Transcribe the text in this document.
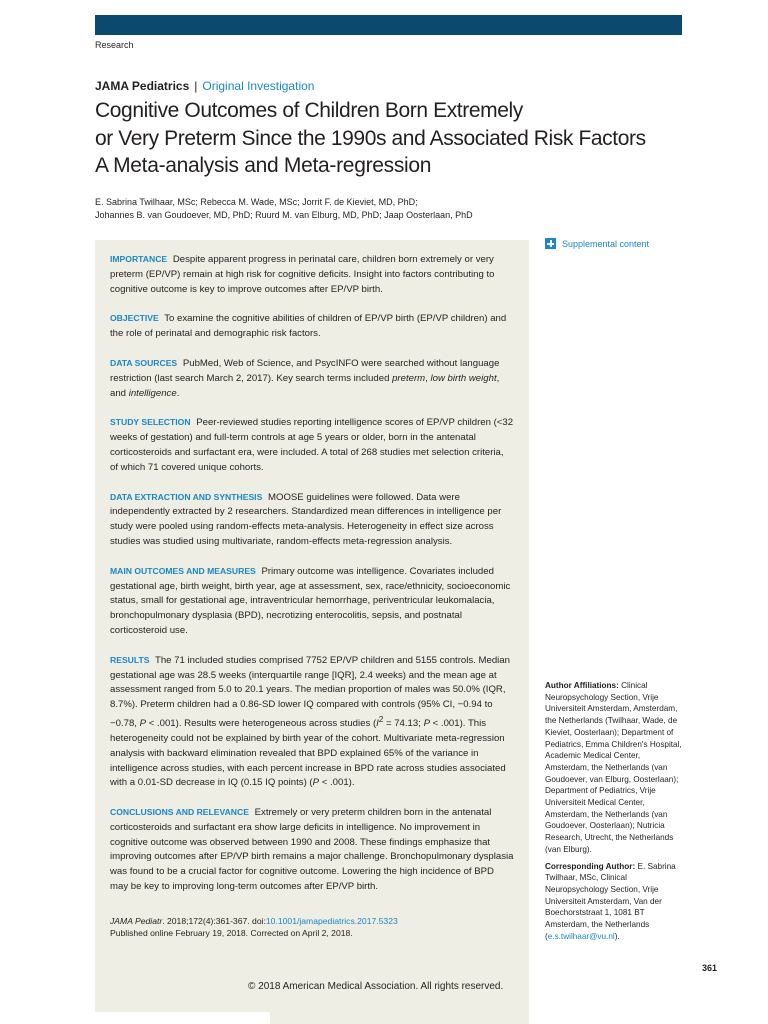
Research
JAMA Pediatrics | Original Investigation
Cognitive Outcomes of Children Born Extremely
or Very Preterm Since the 1990s and Associated Risk Factors
A Meta-analysis and Meta-regression
E. Sabrina Twilhaar, MSc; Rebecca M. Wade, MSc; Jorrit F. de Kieviet, MD, PhD;
Johannes B. van Goudoever, MD, PhD; Ruurd M. van Elburg, MD, PhD; Jaap Oosterlaan, PhD

IMPORTANCE Despite apparent progress in perinatal care, children born extremely or very preterm (EP/VP) remain at high risk for cognitive deficits. Insight into factors contributing to cognitive outcome is key to improve outcomes after EP/VP birth.

OBJECTIVE To examine the cognitive abilities of children of EP/VP birth (EP/VP children) and the role of perinatal and demographic risk factors.

DATA SOURCES PubMed, Web of Science, and PsycINFO were searched without language restriction (last search March 2, 2017). Key search terms included preterm, low birth weight, and intelligence.

STUDY SELECTION Peer-reviewed studies reporting intelligence scores of EP/VP children (<32 weeks of gestation) and full-term controls at age 5 years or older, born in the antenatal corticosteroids and surfactant era, were included. A total of 268 studies met selection criteria, of which 71 covered unique cohorts.

DATA EXTRACTION AND SYNTHESIS MOOSE guidelines were followed. Data were independently extracted by 2 researchers. Standardized mean differences in intelligence per study were pooled using random-effects meta-analysis. Heterogeneity in effect size across studies was studied using multivariate, random-effects meta-regression analysis.

MAIN OUTCOMES AND MEASURES Primary outcome was intelligence. Covariates included gestational age, birth weight, birth year, age at assessment, sex, race/ethnicity, socioeconomic status, small for gestational age, intraventricular hemorrhage, periventricular leukomalacia, bronchopulmonary dysplasia (BPD), necrotizing enterocolitis, sepsis, and postnatal corticosteroid use.

RESULTS The 71 included studies comprised 7752 EP/VP children and 5155 controls. Median gestational age was 28.5 weeks (interquartile range [IQR], 2.4 weeks) and the mean age at assessment ranged from 5.0 to 20.1 years. The median proportion of males was 50.0% (IQR, 8.7%). Preterm children had a 0.86-SD lower IQ compared with controls (95% CI, −0.94 to −0.78, P < .001). Results were heterogeneous across studies ($I^2 = 74.13$; P < .001). This heterogeneity could not be explained by birth year of the cohort. Multivariate meta-regression analysis with backward elimination revealed that BPD explained 65% of the variance in intelligence across studies, with each percent increase in BPD rate across studies associated with a 0.01-SD decrease in IQ (0.15 IQ points) (P < .001).

CONCLUSIONS AND RELEVANCE Extremely or very preterm children born in the antenatal corticosteroids and surfactant era show large deficits in intelligence. No improvement in cognitive outcome was observed between 1990 and 2008. These findings emphasize that improving outcomes after EP/VP birth remains a major challenge. Bronchopulmonary dysplasia was found to be a crucial factor for cognitive outcome. Lowering the high incidence of BPD may be key to improving long-term outcomes after EP/VP birth.

JAMA Pediatr. 2018;172(4):361-367. doi:10.1001/jamapediatrics.2017.5323
Published online February 19, 2018. Corrected on April 2, 2018.
© 2018 American Medical Association. All rights reserved.
Supplemental content

Author Affiliations: Clinical Neuropsychology Section, Vrije Universiteit Amsterdam, Amsterdam, the Netherlands (Twilhaar, Wade, de Kieviet, Oosterlaan); Department of Pediatrics, Emma Children's Hospital, Academic Medical Center, Amsterdam, the Netherlands (van Goudoever, van Elburg, Oosterlaan); Department of Pediatrics, Vrije Universiteit Medical Center, Amsterdam, the Netherlands (van Goudoever, Oosterlaan); Nutricia Research, Utrecht, the Netherlands (van Elburg).

Corresponding Author: E. Sabrina Twilhaar, MSc, Clinical Neuropsychology Section, Vrije Universiteit Amsterdam, Van der Boechorststraat 1, 1081 BT Amsterdam, the Netherlands (e.s.twilhaar@vu.nl).

361
